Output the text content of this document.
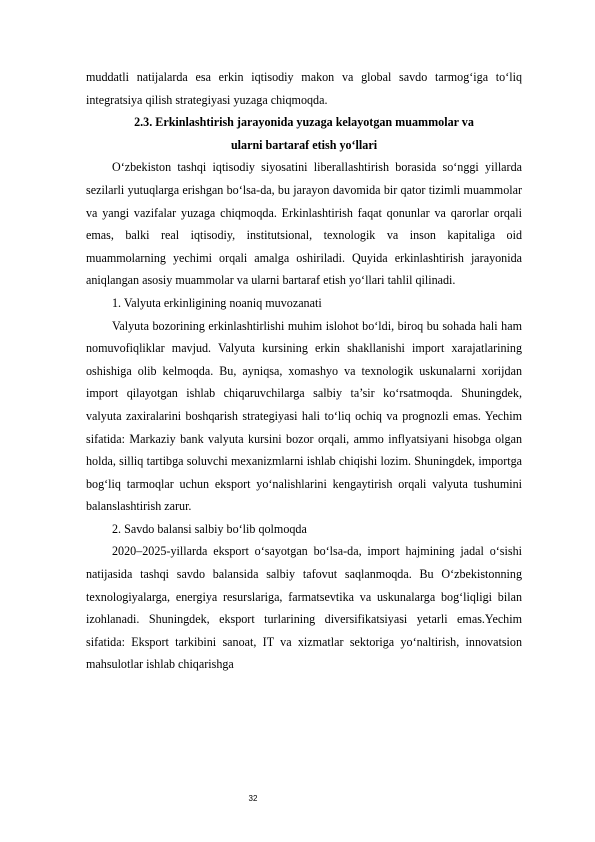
muddatli natijalarda esa erkin iqtisodiy makon va global savdo tarmog‘iga to‘liq integratsiya qilish strategiyasi yuzaga chiqmoqda.

2.3. Erkinlashtirish jarayonida yuzaga kelayotgan muammolar va
ularni bartaraf etish yo‘llari

O‘zbekiston tashqi iqtisodiy siyosatini liberallashtirish borasida so‘nggi yillarda sezilarli yutuqlarga erishgan bo‘lsa-da, bu jarayon davomida bir qator tizimli muammolar va yangi vazifalar yuzaga chiqmoqda. Erkinlashtirish faqat qonunlar va qarorlar orqali emas, balki real iqtisodiy, institutsional, texnologik va inson kapitaliga oid muammolarning yechimi orqali amalga oshiriladi. Quyida erkinlashtirish jarayonida aniqlangan asosiy muammolar va ularni bartaraf etish yo‘llari tahlil qilinadi.

1. Valyuta erkinligining noaniq muvozanati

Valyuta bozorining erkinlashtirlishi muhim islohot bo‘ldi, biroq bu sohada hali ham nomuvofiqliklar mavjud. Valyuta kursining erkin shakllanishi import xarajatlarining oshishiga olib kelmoqda. Bu, ayniqsa, xomashyo va texnologik uskunalarni xorijdan import qilayotgan ishlab chiqaruvchilarga salbiy ta’sir ko‘rsatmoqda. Shuningdek, valyuta zaxiralarini boshqarish strategiyasi hali to‘liq ochiq va prognozli emas. Yechim sifatida: Markaziy bank valyuta kursini bozor orqali, ammo inflyatsiyani hisobga olgan holda, silliq tartibga soluvchi mexanizmlarni ishlab chiqishi lozim. Shuningdek, importga bog‘liq tarmoqlar uchun eksport yo‘nalishlarini kengaytirish orqali valyuta tushumini balanslashtirish zarur.

2. Savdo balansi salbiy bo‘lib qolmoqda

2020–2025-yillarda eksport o‘sayotgan bo‘lsa-da, import hajmining jadal o‘sishi natijasida tashqi savdo balansida salbiy tafovut saqlanmoqda. Bu O‘zbekistonning texnologiyalarga, energiya resurslariga, farmatsevtika va uskunalarga bog‘liqligi bilan izohlanadi. Shuningdek, eksport turlarining diversifikatsiyasi yetarli emas.Yechim sifatida: Eksport tarkibini sanoat, IT va xizmatlar sektoriga yo‘naltirish, innovatsion mahsulotlar ishlab chiqarishga

32
